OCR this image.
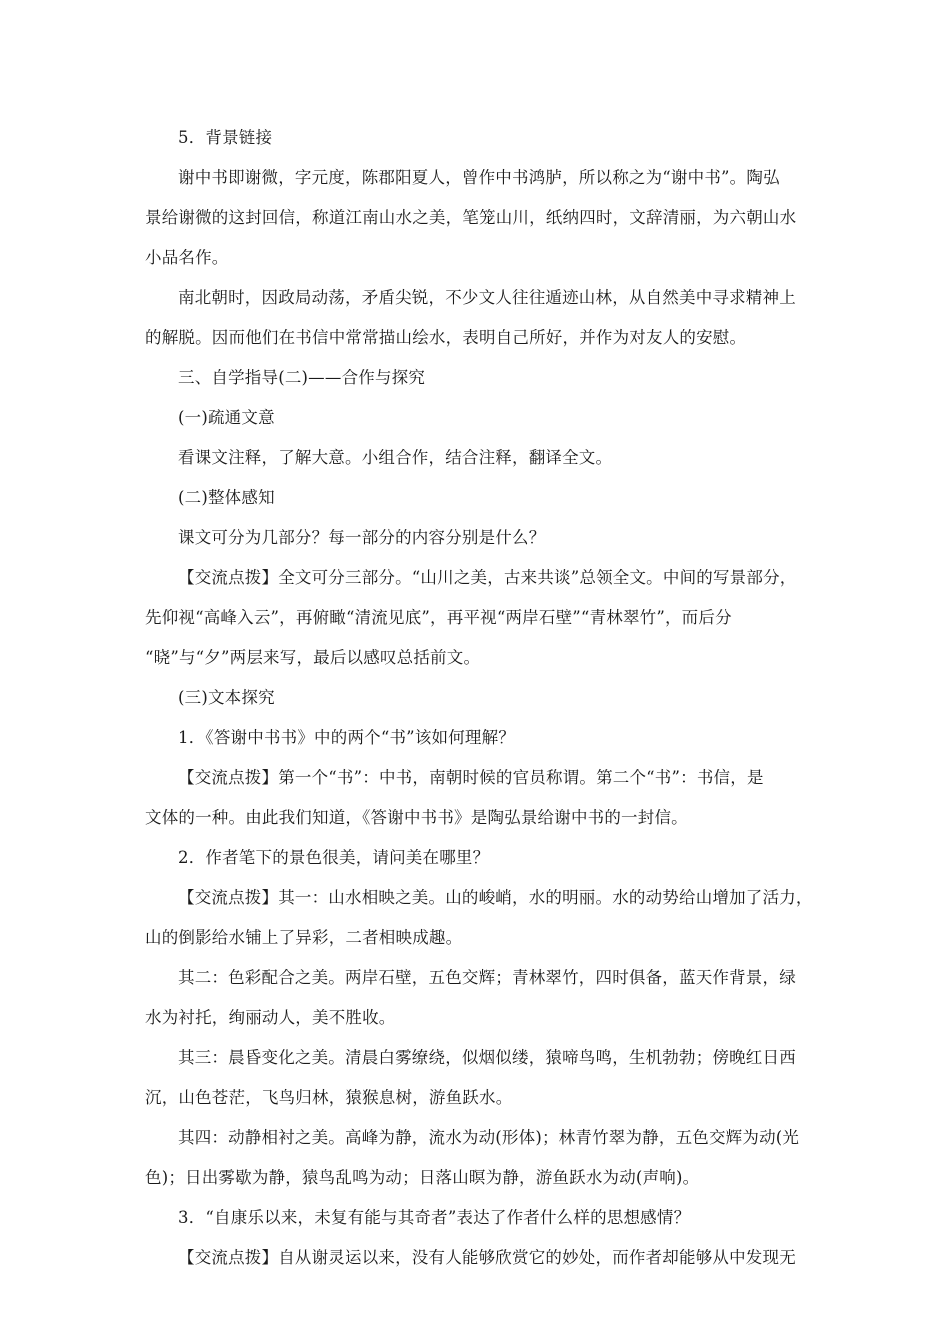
5．背景链接

谢中书即谢微，字元度，陈郡阳夏人，曾作中书鸿胪，所以称之为“谢中书”。陶弘
景给谢微的这封回信，称道江南山水之美，笔笼山川，纸纳四时，文辞清丽，为六朝山水
小品名作。
南北朝时，因政局动荡，矛盾尖锐，不少文人往往遁迹山林，从自然美中寻求精神上
的解脱。因而他们在书信中常常描山绘水，表明自己所好，并作为对友人的安慰。

三、自学指导(二)——合作与探究

(一)疏通文意

看课文注释，了解大意。小组合作，结合注释，翻译全文。

(二)整体感知

课文可分为几部分？每一部分的内容分别是什么？

【交流点拨】全文可分三部分。“山川之美，古来共谈”总领全文。中间的写景部分，
先仰视“高峰入云”，再俯瞰“清流见底”，再平视“两岸石壁”“青林翠竹”，而后分
“晓”与“夕”两层来写，最后以感叹总括前文。

(三)文本探究

1．《答谢中书书》中的两个“书”该如何理解？

【交流点拨】第一个“书”：中书，南朝时候的官员称谓。第二个“书”：书信，是
文体的一种。由此我们知道，《答谢中书书》是陶弘景给谢中书的一封信。

2．作者笔下的景色很美，请问美在哪里？

【交流点拨】其一：山水相映之美。山的峻峭，水的明丽。水的动势给山增加了活力，
山的倒影给水铺上了异彩，二者相映成趣。
其二：色彩配合之美。两岸石壁，五色交辉；青林翠竹，四时俱备，蓝天作背景，绿
水为衬托，绚丽动人，美不胜收。
其三：晨昏变化之美。清晨白雾缭绕，似烟似缕，猿啼鸟鸣，生机勃勃；傍晚红日西
沉，山色苍茫，飞鸟归林，猿猴息树，游鱼跃水。
其四：动静相衬之美。高峰为静，流水为动(形体)；林青竹翠为静，五色交辉为动(光
色)；日出雾歇为静，猿鸟乱鸣为动；日落山暝为静，游鱼跃水为动(声响)。

3．“自康乐以来，未复有能与其奇者”表达了作者什么样的思想感情？

【交流点拨】自从谢灵运以来，没有人能够欣赏它的妙处，而作者却能够从中发现无
